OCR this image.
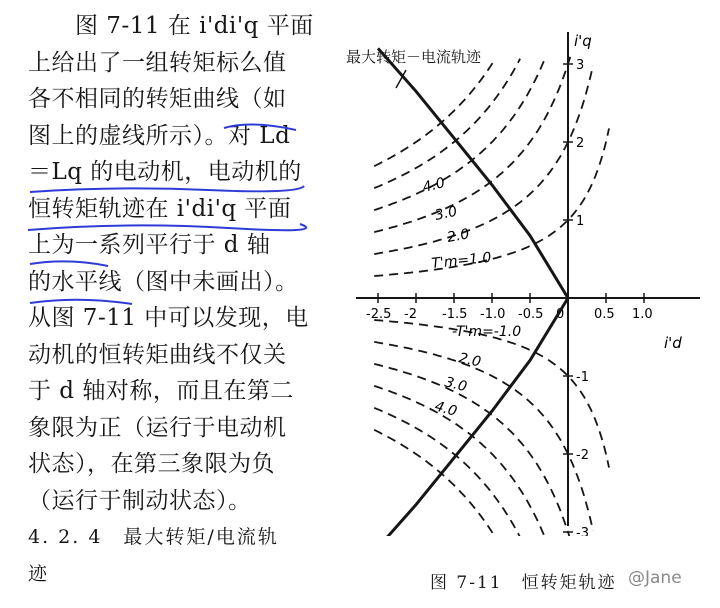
　　图 7-11 在 i'di'q 平面
上给出了一组转矩标么值
各不相同的转矩曲线（如
图上的虚线所示）。对 Ld
＝Lq 的电动机，电动机的
恒转矩轨迹在 i'di'q 平面
上为一系列平行于 d 轴
的水平线（图中未画出）。
从图 7-11 中可以发现，电
动机的恒转矩曲线不仅关
于 d 轴对称，而且在第二
象限为正（运行于电动机
状态），在第三象限为负
（运行于制动状态）。
4. 2. 4　最大转矩/电流轨
迹
-2.5 -2 -1.5 -1.0 -0.5 0 0.5 1.0
3
2
1
-1
-2
-3
最大转矩－电流轨迹
i'q
i'd
4.0
3.0
2.0
T'm=1.0
-T'm=-1.0
2.0
3.0
4.0
图 7-11　恒转矩轨迹 @Jane
